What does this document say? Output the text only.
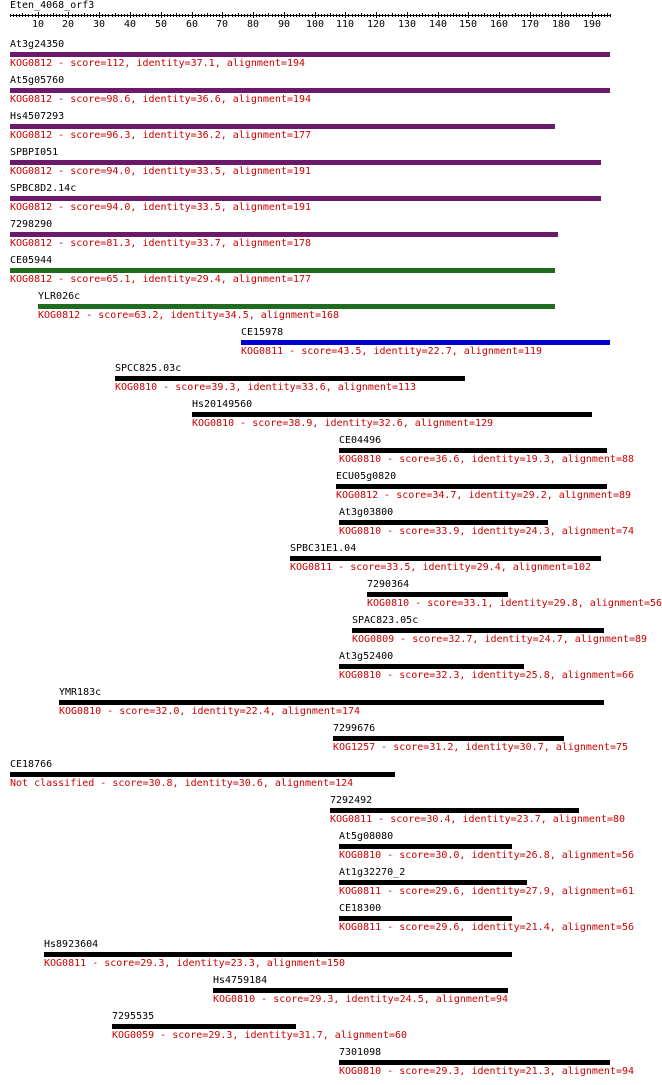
Eten_4068_orf3
10 20 30 40 50 60 70 80 90 100 110 120 130 140 150 160 170 180 190
At3g24350
KOG0812 - score=112, identity=37.1, alignment=194
At5g05760
KOG0812 - score=98.6, identity=36.6, alignment=194
Hs4507293
KOG0812 - score=96.3, identity=36.2, alignment=177
SPBPI051
KOG0812 - score=94.0, identity=33.5, alignment=191
SPBC8D2.14c
KOG0812 - score=94.0, identity=33.5, alignment=191
7298290
KOG0812 - score=81.3, identity=33.7, alignment=178
CE05944
KOG0812 - score=65.1, identity=29.4, alignment=177
YLR026c
KOG0812 - score=63.2, identity=34.5, alignment=168
CE15978
KOG0811 - score=43.5, identity=22.7, alignment=119
SPCC825.03c
KOG0810 - score=39.3, identity=33.6, alignment=113
Hs20149560
KOG0810 - score=38.9, identity=32.6, alignment=129
CE04496
KOG0810 - score=36.6, identity=19.3, alignment=88
ECU05g0820
KOG0812 - score=34.7, identity=29.2, alignment=89
At3g03800
KOG0810 - score=33.9, identity=24.3, alignment=74
SPBC31E1.04
KOG0811 - score=33.5, identity=29.4, alignment=102
7290364
KOG0810 - score=33.1, identity=29.8, alignment=56
SPAC823.05c
KOG0809 - score=32.7, identity=24.7, alignment=89
At3g52400
KOG0810 - score=32.3, identity=25.8, alignment=66
YMR183c
KOG0810 - score=32.0, identity=22.4, alignment=174
7299676
KOG1257 - score=31.2, identity=30.7, alignment=75
CE18766
Not classified - score=30.8, identity=30.6, alignment=124
7292492
KOG0811 - score=30.4, identity=23.7, alignment=80
At5g08080
KOG0810 - score=30.0, identity=26.8, alignment=56
At1g32270_2
KOG0811 - score=29.6, identity=27.9, alignment=61
CE18300
KOG0811 - score=29.6, identity=21.4, alignment=56
Hs8923604
KOG0811 - score=29.3, identity=23.3, alignment=150
Hs4759184
KOG0810 - score=29.3, identity=24.5, alignment=94
7295535
KOG0059 - score=29.3, identity=31.7, alignment=60
7301098
KOG0810 - score=29.3, identity=21.3, alignment=94
